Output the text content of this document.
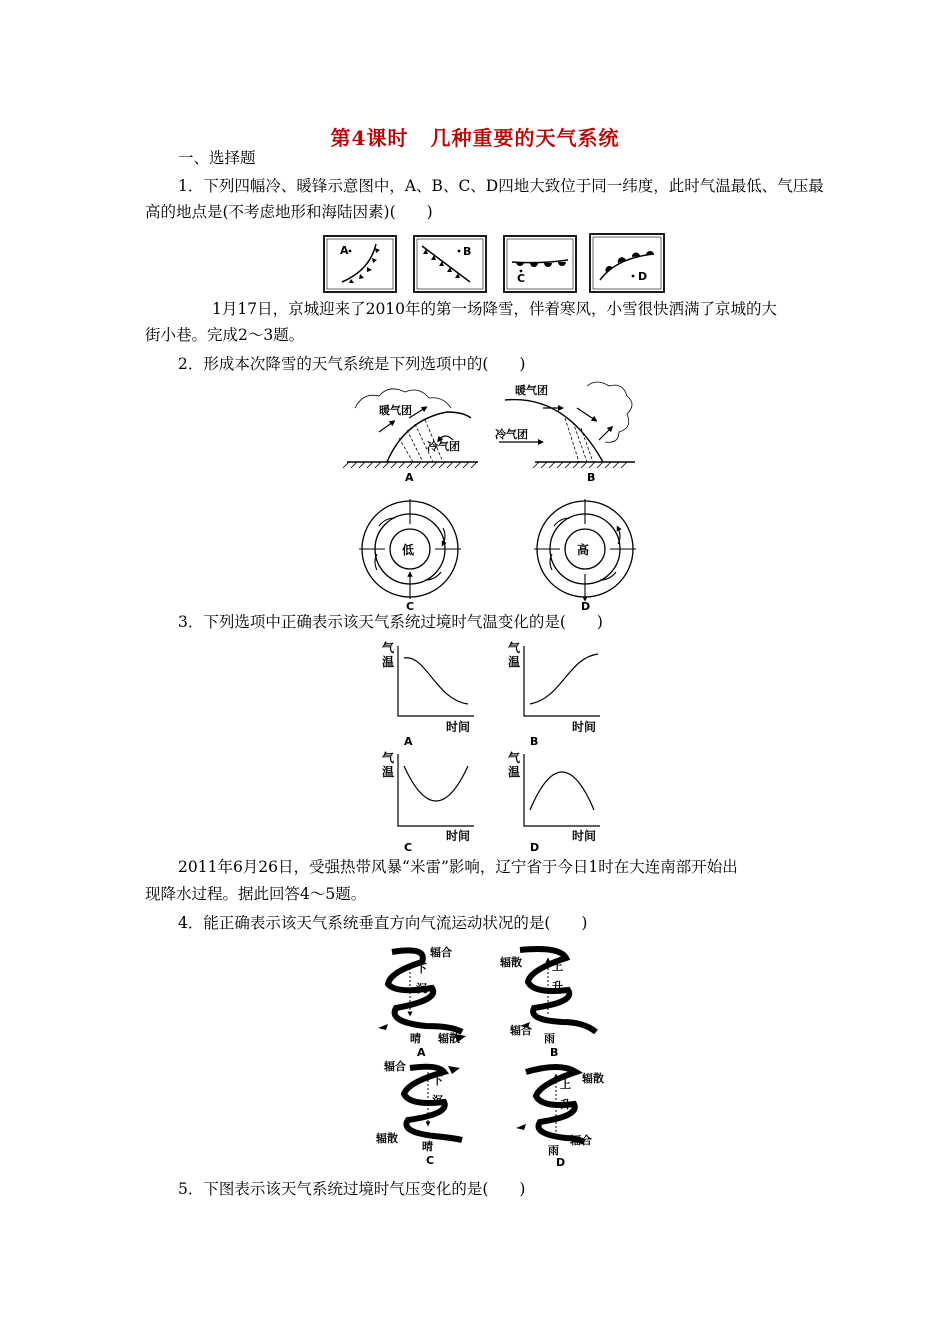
第4课时 几种重要的天气系统
一、选择题
1．下列四幅冷、暖锋示意图中，A、B、C、D四地大致位于同一纬度，此时气温最低、气压最
高的地点是(不考虑地形和海陆因素)(　　)
A	B
C	D
1月17日，京城迎来了2010年的第一场降雪，伴着寒风，小雪很快洒满了京城的大
街小巷。完成2～3题。
2．形成本次降雪的天气系统是下列选项中的(　　)
暖气团
冷气团
A
暖气团
冷气团
B
低
C
高
D
3．下列选项中正确表示该天气系统过境时气温变化的是(　　)
气
温
时间
A
气
温
时间
B
气
温
时间
C
气
温
时间
D
2011年6月26日，受强热带风暴“米雷”影响，辽宁省于今日1时在大连南部开始出
现降水过程。据此回答4～5题。
4．能正确表示该天气系统垂直方向气流运动状况的是(　　)
下
沉
辐合
晴 辐散
A
上
升
辐散
辐合
雨
B
下
沉
辐合
辐散
晴
C
上
升
辐散
辐合
雨
D
5．下图表示该天气系统过境时气压变化的是(　　)
